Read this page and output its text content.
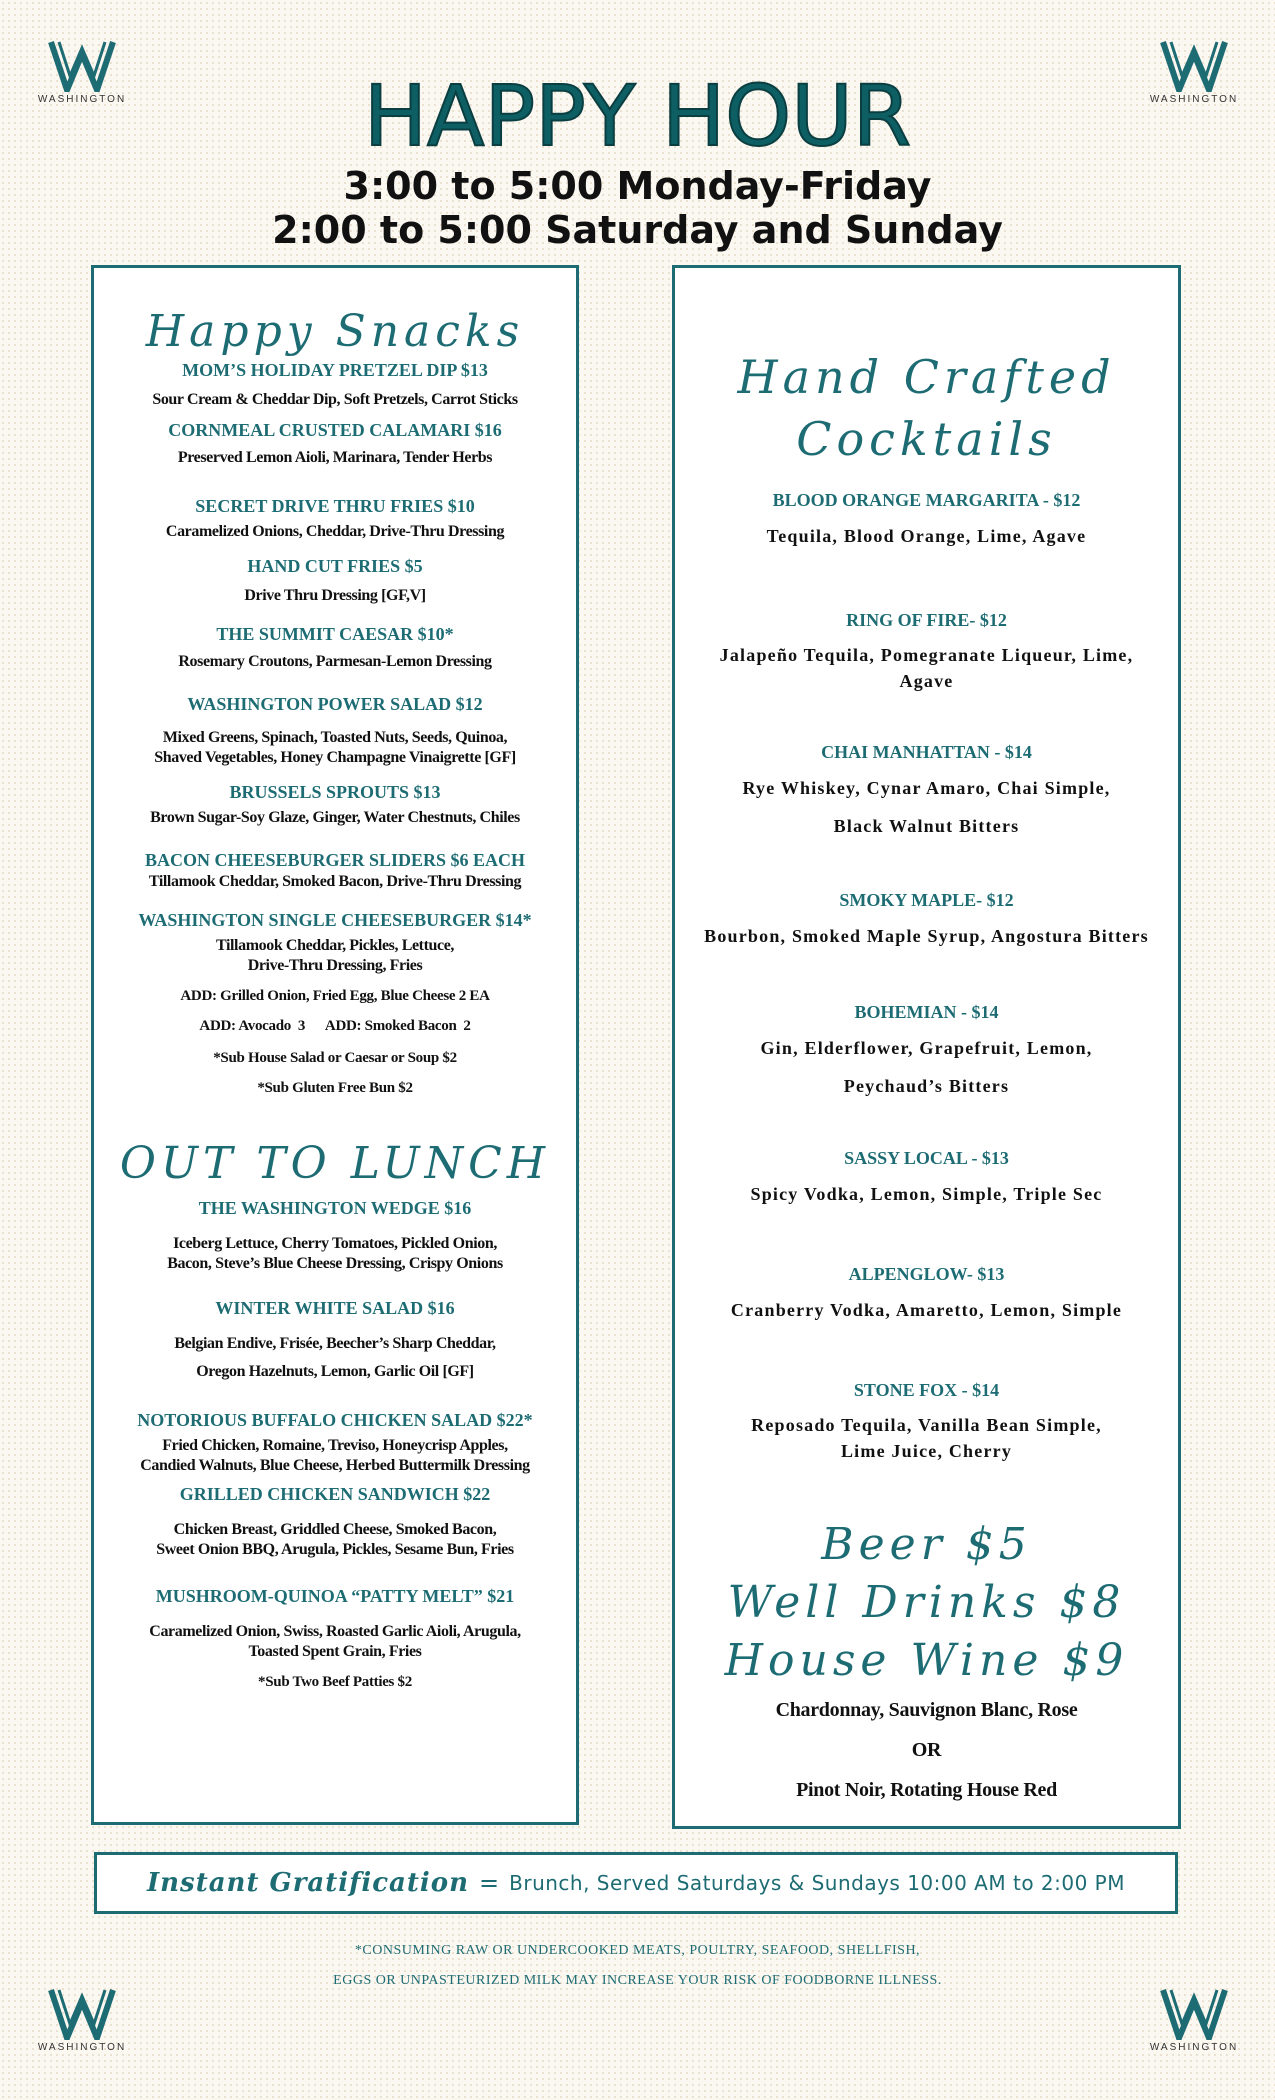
WASHINGTON	WASHINGTON
WASHINGTON	WASHINGTON
HAPPY HOUR
3:00 to 5:00 Monday-Friday
2:00 to 5:00 Saturday and Sunday
Happy Snacks
MOM’S HOLIDAY PRETZEL DIP $13
Sour Cream & Cheddar Dip, Soft Pretzels, Carrot Sticks
CORNMEAL CRUSTED CALAMARI $16
Preserved Lemon Aioli, Marinara, Tender Herbs
SECRET DRIVE THRU FRIES $10
Caramelized Onions, Cheddar, Drive-Thru Dressing
HAND CUT FRIES $5
Drive Thru Dressing [GF,V]
THE SUMMIT CAESAR $10*
Rosemary Croutons, Parmesan-Lemon Dressing
WASHINGTON POWER SALAD $12
Mixed Greens, Spinach, Toasted Nuts, Seeds, Quinoa,
Shaved Vegetables, Honey Champagne Vinaigrette [GF]
BRUSSELS SPROUTS $13
Brown Sugar-Soy Glaze, Ginger, Water Chestnuts, Chiles
BACON CHEESEBURGER SLIDERS $6 EACH
Tillamook Cheddar, Smoked Bacon, Drive-Thru Dressing
WASHINGTON SINGLE CHEESEBURGER $14*
Tillamook Cheddar, Pickles, Lettuce,
Drive-Thru Dressing, Fries
ADD: Grilled Onion, Fried Egg, Blue Cheese 2 EA
ADD: Avocado  3      ADD: Smoked Bacon  2
*Sub House Salad or Caesar or Soup $2
*Sub Gluten Free Bun $2
OUT TO LUNCH
THE WASHINGTON WEDGE $16
Iceberg Lettuce, Cherry Tomatoes, Pickled Onion,
Bacon, Steve’s Blue Cheese Dressing, Crispy Onions
WINTER WHITE SALAD $16
Belgian Endive, Frisée, Beecher’s Sharp Cheddar,
Oregon Hazelnuts, Lemon, Garlic Oil [GF]
NOTORIOUS BUFFALO CHICKEN SALAD $22*
Fried Chicken, Romaine, Treviso, Honeycrisp Apples,
Candied Walnuts, Blue Cheese, Herbed Buttermilk Dressing
GRILLED CHICKEN SANDWICH $22
Chicken Breast, Griddled Cheese, Smoked Bacon,
Sweet Onion BBQ, Arugula, Pickles, Sesame Bun, Fries
MUSHROOM-QUINOA “PATTY MELT” $21
Caramelized Onion, Swiss, Roasted Garlic Aioli, Arugula,
Toasted Spent Grain, Fries
*Sub Two Beef Patties $2
Hand Crafted
Cocktails
BLOOD ORANGE MARGARITA - $12
Tequila, Blood Orange, Lime, Agave
RING OF FIRE- $12
Jalapeño Tequila, Pomegranate Liqueur, Lime,
Agave
CHAI MANHATTAN - $14
Rye Whiskey, Cynar Amaro, Chai Simple,
Black Walnut Bitters
SMOKY MAPLE- $12
Bourbon, Smoked Maple Syrup, Angostura Bitters
BOHEMIAN - $14
Gin, Elderflower, Grapefruit, Lemon,
Peychaud’s Bitters
SASSY LOCAL - $13
Spicy Vodka, Lemon, Simple, Triple Sec
ALPENGLOW- $13
Cranberry Vodka, Amaretto, Lemon, Simple
STONE FOX - $14
Reposado Tequila, Vanilla Bean Simple,
Lime Juice, Cherry
Beer $5
Well Drinks $8
House Wine $9
Chardonnay, Sauvignon Blanc, Rose
OR
Pinot Noir, Rotating House Red
Instant Gratification = Brunch, Served Saturdays & Sundays 10:00 AM to 2:00 PM
*CONSUMING RAW OR UNDERCOOKED MEATS, POULTRY, SEAFOOD, SHELLFISH,
EGGS OR UNPASTEURIZED MILK MAY INCREASE YOUR RISK OF FOODBORNE ILLNESS.
